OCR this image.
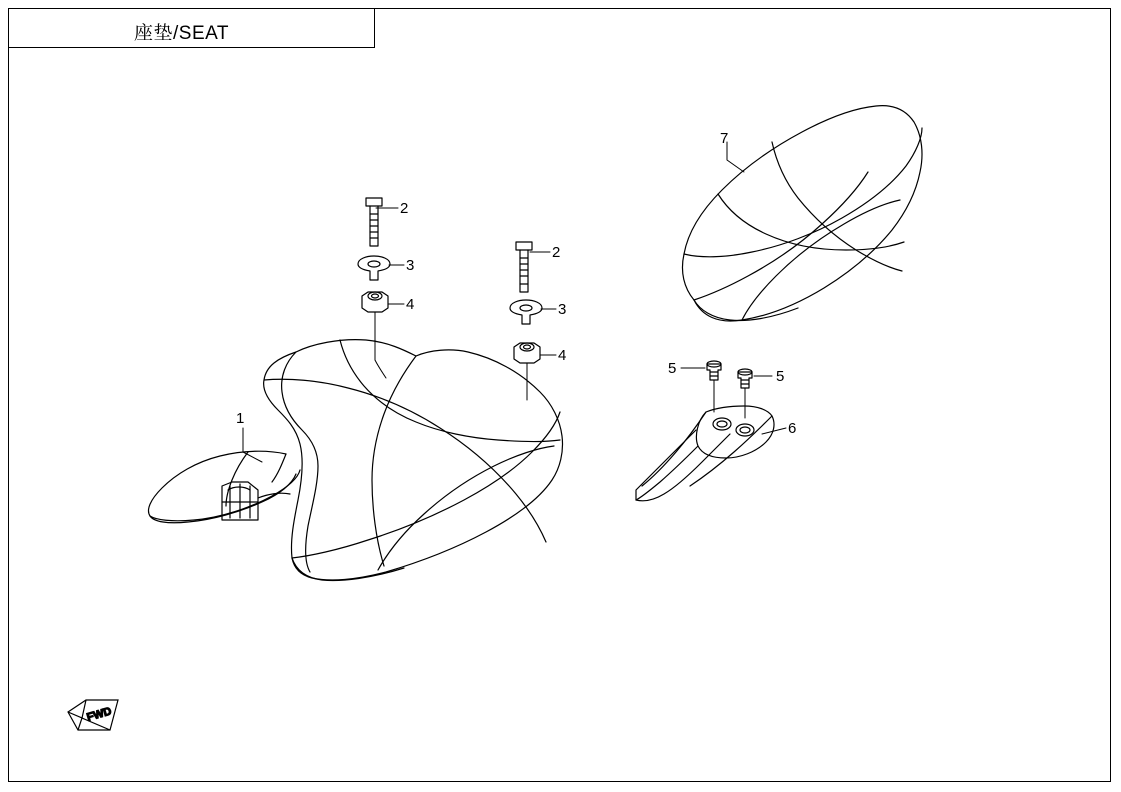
座垫/SEAT
FWD
1
2
3
4
2
3
4
5	5
6
7
